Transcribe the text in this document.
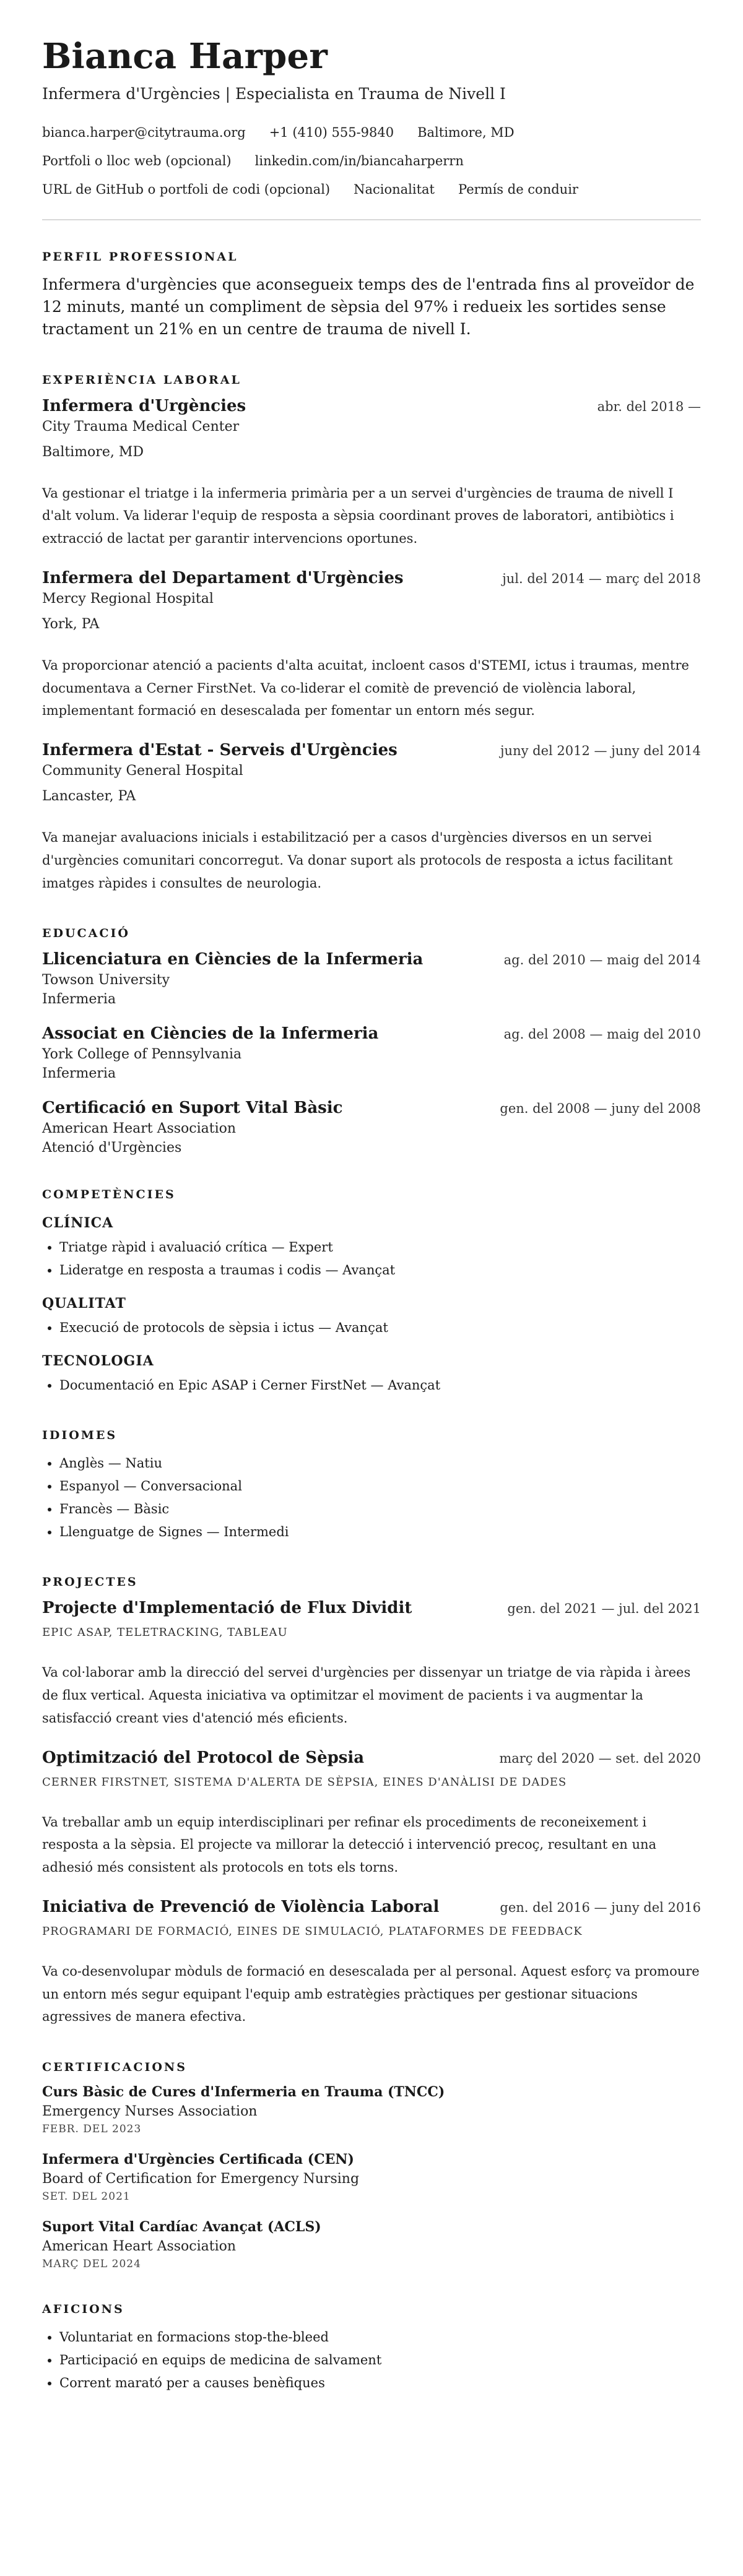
Bianca Harper
Infermera d'Urgències | Especialista en Trauma de Nivell I
bianca.harper@citytrauma.org +1 (410) 555-9840 Baltimore, MD
Portfoli o lloc web (opcional) linkedin.com/in/biancaharperrn
URL de GitHub o portfoli de codi (opcional) Nacionalitat Permís de conduir
PERFIL PROFESSIONAL

Infermera d'urgències que aconsegueix temps des de l'entrada fins al proveïdor de 12 minuts, manté un compliment de sèpsia del 97% i redueix les sortides sense tractament un 21% en un centre de trauma de nivell I.

EXPERIÈNCIA LABORAL
Infermera d'Urgències	abr. del 2018 —
City Trauma Medical Center
Baltimore, MD
Va gestionar el triatge i la infermeria primària per a un servei d'urgències de trauma de nivell I d'alt volum. Va liderar l'equip de resposta a sèpsia coordinant proves de laboratori, antibiòtics i extracció de lactat per garantir intervencions oportunes.
Infermera del Departament d'Urgències	jul. del 2014 — març del 2018
Mercy Regional Hospital
York, PA
Va proporcionar atenció a pacients d'alta acuitat, incloent casos d'STEMI, ictus i traumas, mentre documentava a Cerner FirstNet. Va co-liderar el comitè de prevenció de violència laboral, implementant formació en desescalada per fomentar un entorn més segur.
Infermera d'Estat - Serveis d'Urgències	juny del 2012 — juny del 2014
Community General Hospital
Lancaster, PA
Va manejar avaluacions inicials i estabilització per a casos d'urgències diversos en un servei d'urgències comunitari concorregut. Va donar suport als protocols de resposta a ictus facilitant imatges ràpides i consultes de neurologia.
EDUCACIÓ
Llicenciatura en Ciències de la Infermeria	ag. del 2010 — maig del 2014
Towson University
Infermeria
Associat en Ciències de la Infermeria	ag. del 2008 — maig del 2010
York College of Pennsylvania
Infermeria
Certificació en Suport Vital Bàsic	gen. del 2008 — juny del 2008
American Heart Association
Atenció d'Urgències
COMPETÈNCIES
CLÍNICA
• Triatge ràpid i avaluació crítica — Expert
• Lideratge en resposta a traumas i codis — Avançat
QUALITAT
• Execució de protocols de sèpsia i ictus — Avançat
TECNOLOGIA
• Documentació en Epic ASAP i Cerner FirstNet — Avançat
IDIOMES
• Anglès — Natiu
• Espanyol — Conversacional
• Francès — Bàsic
• Llenguatge de Signes — Intermedi
PROJECTES
Projecte d'Implementació de Flux Dividit	gen. del 2021 — jul. del 2021
EPIC ASAP, TELETRACKING, TABLEAU
Va col·laborar amb la direcció del servei d'urgències per dissenyar un triatge de via ràpida i àrees de flux vertical. Aquesta iniciativa va optimitzar el moviment de pacients i va augmentar la satisfacció creant vies d'atenció més eficients.
Optimització del Protocol de Sèpsia	març del 2020 — set. del 2020
CERNER FIRSTNET, SISTEMA D'ALERTA DE SÈPSIA, EINES D'ANÀLISI DE DADES
Va treballar amb un equip interdisciplinari per refinar els procediments de reconeixement i resposta a la sèpsia. El projecte va millorar la detecció i intervenció precoç, resultant en una adhesió més consistent als protocols en tots els torns.
Iniciativa de Prevenció de Violència Laboral	gen. del 2016 — juny del 2016
PROGRAMARI DE FORMACIÓ, EINES DE SIMULACIÓ, PLATAFORMES DE FEEDBACK
Va co-desenvolupar mòduls de formació en desescalada per al personal. Aquest esforç va promoure un entorn més segur equipant l'equip amb estratègies pràctiques per gestionar situacions agressives de manera efectiva.
CERTIFICACIONS
Curs Bàsic de Cures d'Infermeria en Trauma (TNCC)
Emergency Nurses Association
FEBR. DEL 2023
Infermera d'Urgències Certificada (CEN)
Board of Certification for Emergency Nursing
SET. DEL 2021
Suport Vital Cardíac Avançat (ACLS)
American Heart Association
MARÇ DEL 2024
AFICIONS
• Voluntariat en formacions stop-the-bleed
• Participació en equips de medicina de salvament
• Corrent marató per a causes benèfiques
